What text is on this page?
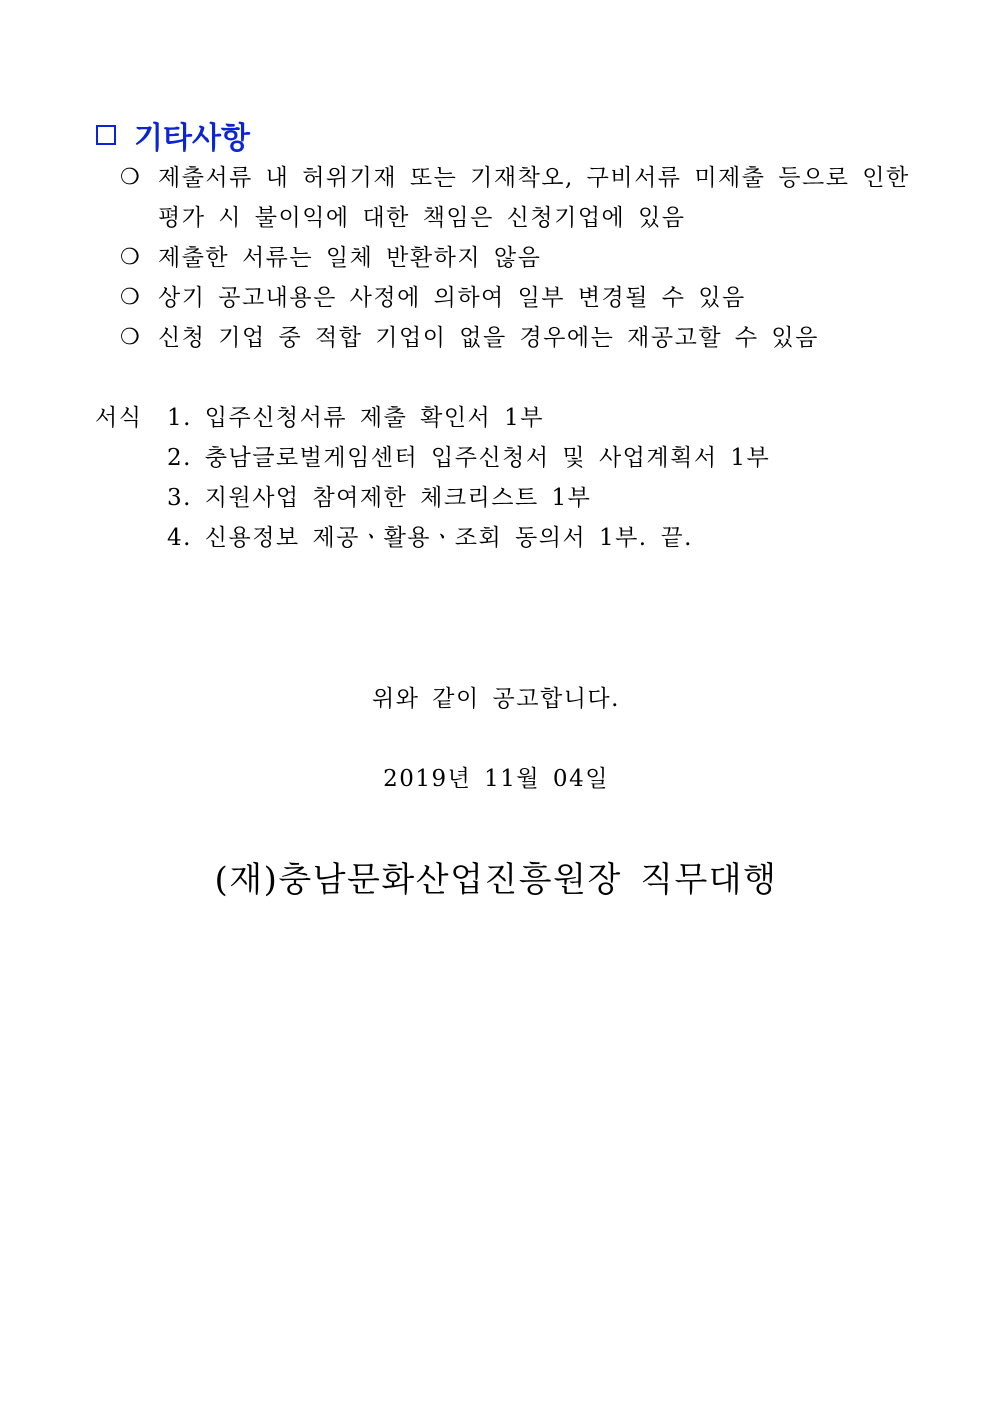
기타사항
❍ 제출서류 내 허위기재 또는 기재착오, 구비서류 미제출 등으로 인한 평가 시 불이익에 대한 책임은 신청기업에 있음
❍ 제출한 서류는 일체 반환하지 않음
❍ 상기 공고내용은 사정에 의하여 일부 변경될 수 있음
❍ 신청 기업 중 적합 기업이 없을 경우에는 재공고할 수 있음
서식	1. 입주신청서류 제출 확인서 1부
2. 충남글로벌게임센터 입주신청서 및 사업계획서 1부
3. 지원사업 참여제한 체크리스트 1부
4. 신용정보 제공ㆍ활용ㆍ조회 동의서 1부. 끝.
위와 같이 공고합니다.
2019년 11월 04일
(재)충남문화산업진흥원장 직무대행
